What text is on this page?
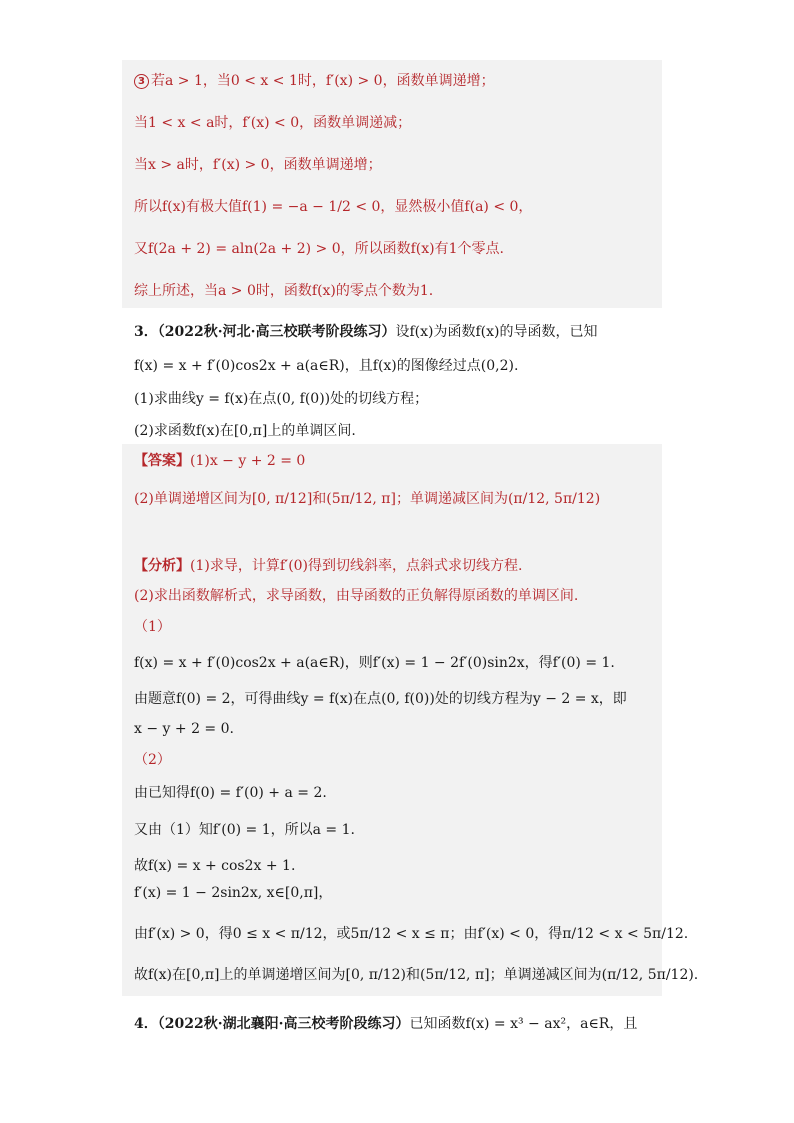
3 若a > 1，当0 < x < 1时，f′(x) > 0，函数单调递增；
当1 < x < a时，f′(x) < 0，函数单调递减；
当x > a时，f′(x) > 0，函数单调递增；
所以f(x)有极大值f(1) = −a − 1/2 < 0，显然极小值f(a) < 0，
又f(2a + 2) = aln(2a + 2) > 0，所以函数f(x)有1个零点.
综上所述，当a > 0时，函数f(x)的零点个数为1.
3．（2022秋·河北·高三校联考阶段练习）设f(x)为函数f(x)的导函数，已知
f(x) = x + f′(0)cos2x + a(a∈R)，且f(x)的图像经过点(0,2).
(1)求曲线y = f(x)在点(0, f(0))处的切线方程；
(2)求函数f(x)在[0,π]上的单调区间.
【答案】(1)x − y + 2 = 0
(2)单调递增区间为[0, π/12]和(5π/12, π]；单调递减区间为(π/12, 5π/12)
【分析】(1)求导，计算f′(0)得到切线斜率，点斜式求切线方程.
(2)求出函数解析式，求导函数，由导函数的正负解得原函数的单调区间.
（1）
f(x) = x + f′(0)cos2x + a(a∈R)，则f′(x) = 1 − 2f′(0)sin2x，得f′(0) = 1.
由题意f(0) = 2，可得曲线y = f(x)在点(0, f(0))处的切线方程为y − 2 = x，即
x − y + 2 = 0.
（2）
由已知得f(0) = f′(0) + a = 2.
又由（1）知f′(0) = 1，所以a = 1.
故f(x) = x + cos2x + 1.
f′(x) = 1 − 2sin2x, x∈[0,π]，
由f′(x) > 0，得0 ≤ x < π/12，或5π/12 < x ≤ π；由f′(x) < 0，得π/12 < x < 5π/12.
故f(x)在[0,π]上的单调递增区间为[0, π/12)和(5π/12, π]；单调递减区间为(π/12, 5π/12).
4．（2022秋·湖北襄阳·高三校考阶段练习）已知函数f(x) = x³ − ax²，a∈R，且
